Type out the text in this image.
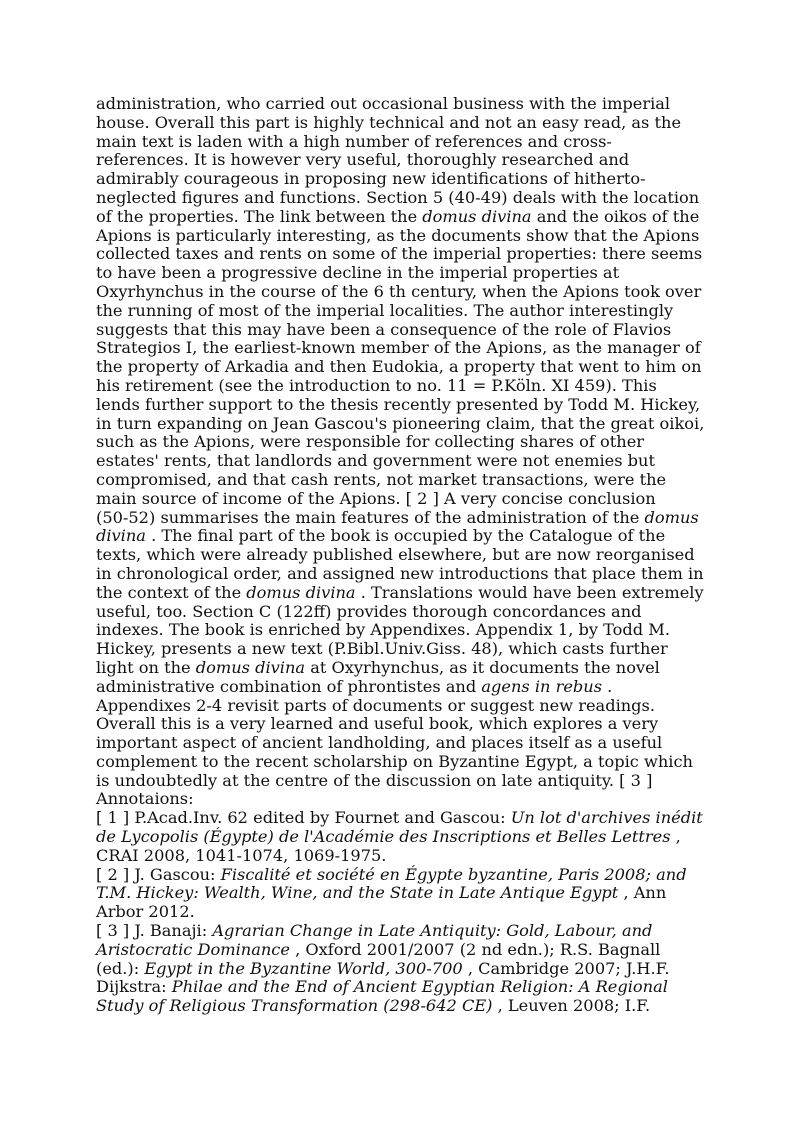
administration, who carried out occasional business with the imperial
house. Overall this part is highly technical and not an easy read, as the
main text is laden with a high number of references and cross-
references. It is however very useful, thoroughly researched and
admirably courageous in proposing new identifications of hitherto-
neglected figures and functions. Section 5 (40-49) deals with the location
of the properties. The link between the domus divina and the oikos of the
Apions is particularly interesting, as the documents show that the Apions
collected taxes and rents on some of the imperial properties: there seems
to have been a progressive decline in the imperial properties at
Oxyrhynchus in the course of the 6 th century, when the Apions took over
the running of most of the imperial localities. The author interestingly
suggests that this may have been a consequence of the role of Flavios
Strategios I, the earliest-known member of the Apions, as the manager of
the property of Arkadia and then Eudokia, a property that went to him on
his retirement (see the introduction to no. 11 = P.Köln. XI 459). This
lends further support to the thesis recently presented by Todd M. Hickey,
in turn expanding on Jean Gascou's pioneering claim, that the great oikoi,
such as the Apions, were responsible for collecting shares of other
estates' rents, that landlords and government were not enemies but
compromised, and that cash rents, not market transactions, were the
main source of income of the Apions. [ 2 ] A very concise conclusion
(50-52) summarises the main features of the administration of the domus
divina . The final part of the book is occupied by the Catalogue of the
texts, which were already published elsewhere, but are now reorganised
in chronological order, and assigned new introductions that place them in
the context of the domus divina . Translations would have been extremely
useful, too. Section C (122ff) provides thorough concordances and
indexes. The book is enriched by Appendixes. Appendix 1, by Todd M.
Hickey, presents a new text (P.Bibl.Univ.Giss. 48), which casts further
light on the domus divina at Oxyrhynchus, as it documents the novel
administrative combination of phrontistes and agens in rebus .
Appendixes 2-4 revisit parts of documents or suggest new readings.
Overall this is a very learned and useful book, which explores a very
important aspect of ancient landholding, and places itself as a useful
complement to the recent scholarship on Byzantine Egypt, a topic which
is undoubtedly at the centre of the discussion on late antiquity. [ 3 ]
Annotaions:
[ 1 ] P.Acad.Inv. 62 edited by Fournet and Gascou: Un lot d'archives inédit
de Lycopolis (Égypte) de l'Académie des Inscriptions et Belles Lettres ,
CRAI 2008, 1041-1074, 1069-1975.
[ 2 ] J. Gascou: Fiscalité et société en Égypte byzantine, Paris 2008; and
T.M. Hickey: Wealth, Wine, and the State in Late Antique Egypt , Ann
Arbor 2012.
[ 3 ] J. Banaji: Agrarian Change in Late Antiquity: Gold, Labour, and
Aristocratic Dominance , Oxford 2001/2007 (2 nd edn.); R.S. Bagnall
(ed.): Egypt in the Byzantine World, 300-700 , Cambridge 2007; J.H.F.
Dijkstra: Philae and the End of Ancient Egyptian Religion: A Regional
Study of Religious Transformation (298-642 CE) , Leuven 2008; I.F.
